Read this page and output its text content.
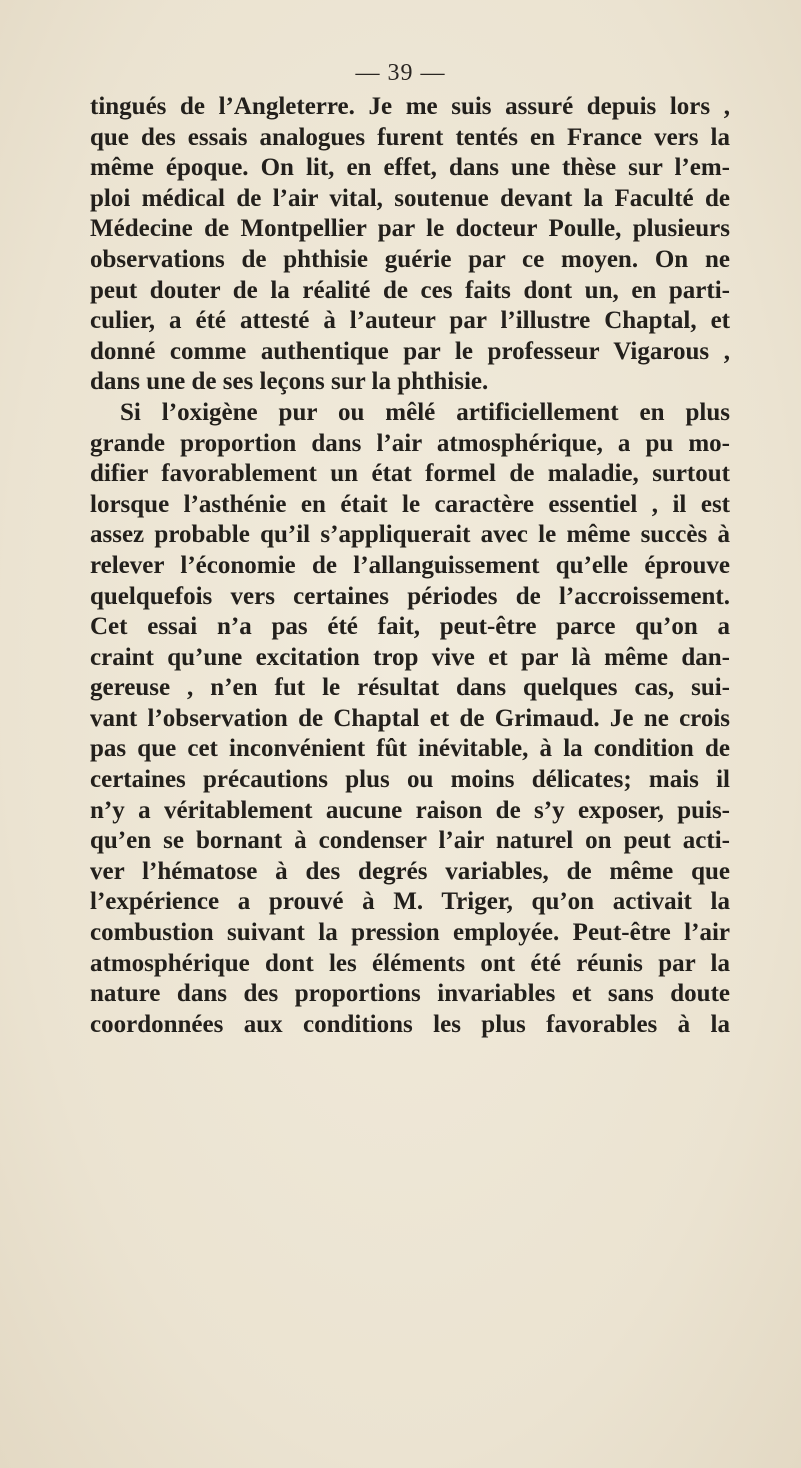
— 39 —
tingués de l’Angleterre. Je me suis assuré depuis lors ,
que des essais analogues furent tentés en France vers la
même époque. On lit, en effet, dans une thèse sur l’em-
ploi médical de l’air vital, soutenue devant la Faculté de
Médecine de Montpellier par le docteur Poulle, plusieurs
observations de phthisie guérie par ce moyen. On ne
peut douter de la réalité de ces faits dont un, en parti-
culier, a été attesté à l’auteur par l’illustre Chaptal, et
donné comme authentique par le professeur Vigarous ,
dans une de ses leçons sur la phthisie.
Si l’oxigène pur ou mêlé artificiellement en plus
grande proportion dans l’air atmosphérique, a pu mo-
difier favorablement un état formel de maladie, surtout
lorsque l’asthénie en était le caractère essentiel , il est
assez probable qu’il s’appliquerait avec le même succès à
relever l’économie de l’allanguissement qu’elle éprouve
quelquefois vers certaines périodes de l’accroissement.
Cet essai n’a pas été fait, peut-être parce qu’on a
craint qu’une excitation trop vive et par là même dan-
gereuse , n’en fut le résultat dans quelques cas, sui-
vant l’observation de Chaptal et de Grimaud. Je ne crois
pas que cet inconvénient fût inévitable, à la condition de
certaines précautions plus ou moins délicates; mais il
n’y a véritablement aucune raison de s’y exposer, puis-
qu’en se bornant à condenser l’air naturel on peut acti-
ver l’hématose à des degrés variables, de même que
l’expérience a prouvé à M. Triger, qu’on activait la
combustion suivant la pression employée. Peut-être l’air
atmosphérique dont les éléments ont été réunis par la
nature dans des proportions invariables et sans doute
coordonnées aux conditions les plus favorables à la
